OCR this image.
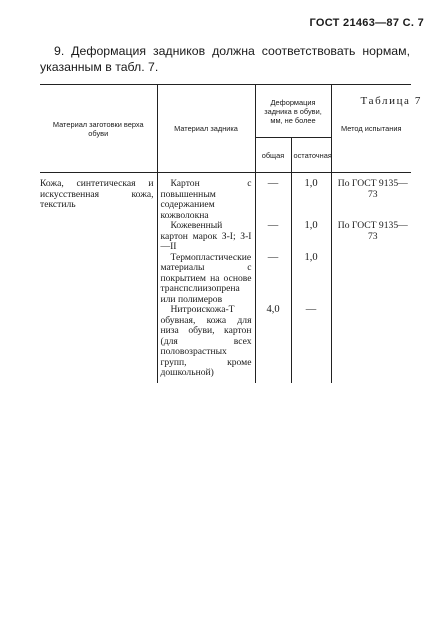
ГОСТ 21463—87 С. 7
9. Деформация задников должна соответствовать нормам, указанным в табл. 7.
Таблица 7
Материал заготовки верха обуви	Материал задника	Деформация задника в обуви, мм, не более		Метод испытания
		общая	остаточная	
Кожа, синтетическая и искусственная кожа, текстиль	Картон с повышенным содержанием кожволокна	—	1,0	По ГОСТ 9135—73
	Кожевенный картон марок З-I; З-I—II	—	1,0	По ГОСТ 9135—73
	Термопластические материалы с покрытием на основе транспслиизопрена или полимеров	—	1,0	
	Нитроискожа-Т обувная, кожа для низа обуви, картон (для всех половозрастных групп, кроме дошкольной)	4,0	—	
